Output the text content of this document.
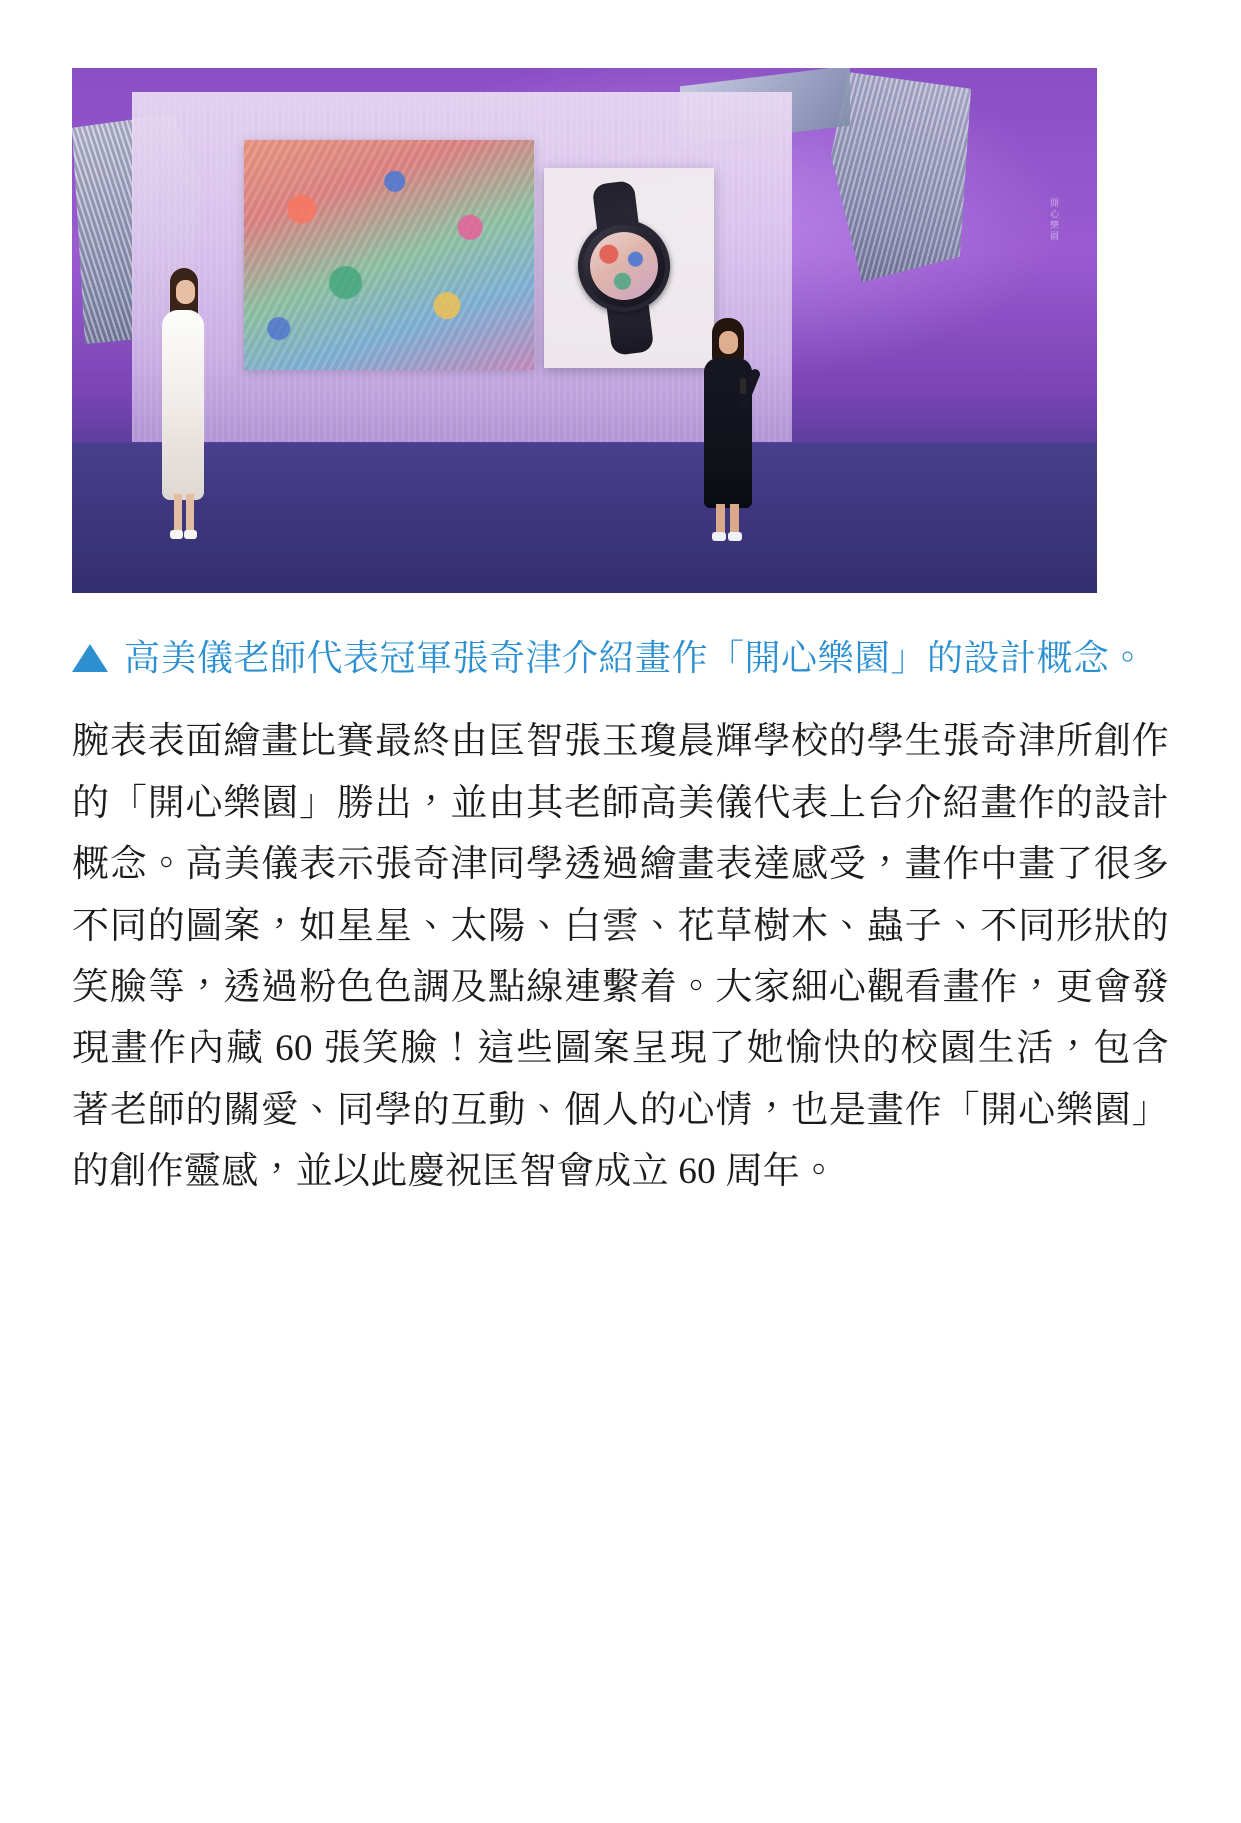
開心樂園
高美儀老師代表冠軍張奇津介紹畫作「開心樂園」的設計概念。
腕表表面繪畫比賽最終由匡智張玉瓊晨輝學校的學生張奇津所創作的「開心樂園」勝出，並由其老師高美儀代表上台介紹畫作的設計概念。高美儀表示張奇津同學透過繪畫表達感受，畫作中畫了很多不同的圖案，如星星、太陽、白雲、花草樹木、蟲子、不同形狀的笑臉等，透過粉色色調及點線連繫着。大家細心觀看畫作，更會發現畫作內藏 60 張笑臉！這些圖案呈現了她愉快的校園生活，包含著老師的關愛、同學的互動、個人的心情，也是畫作「開心樂園」的創作靈感，並以此慶祝匡智會成立 60 周年。
